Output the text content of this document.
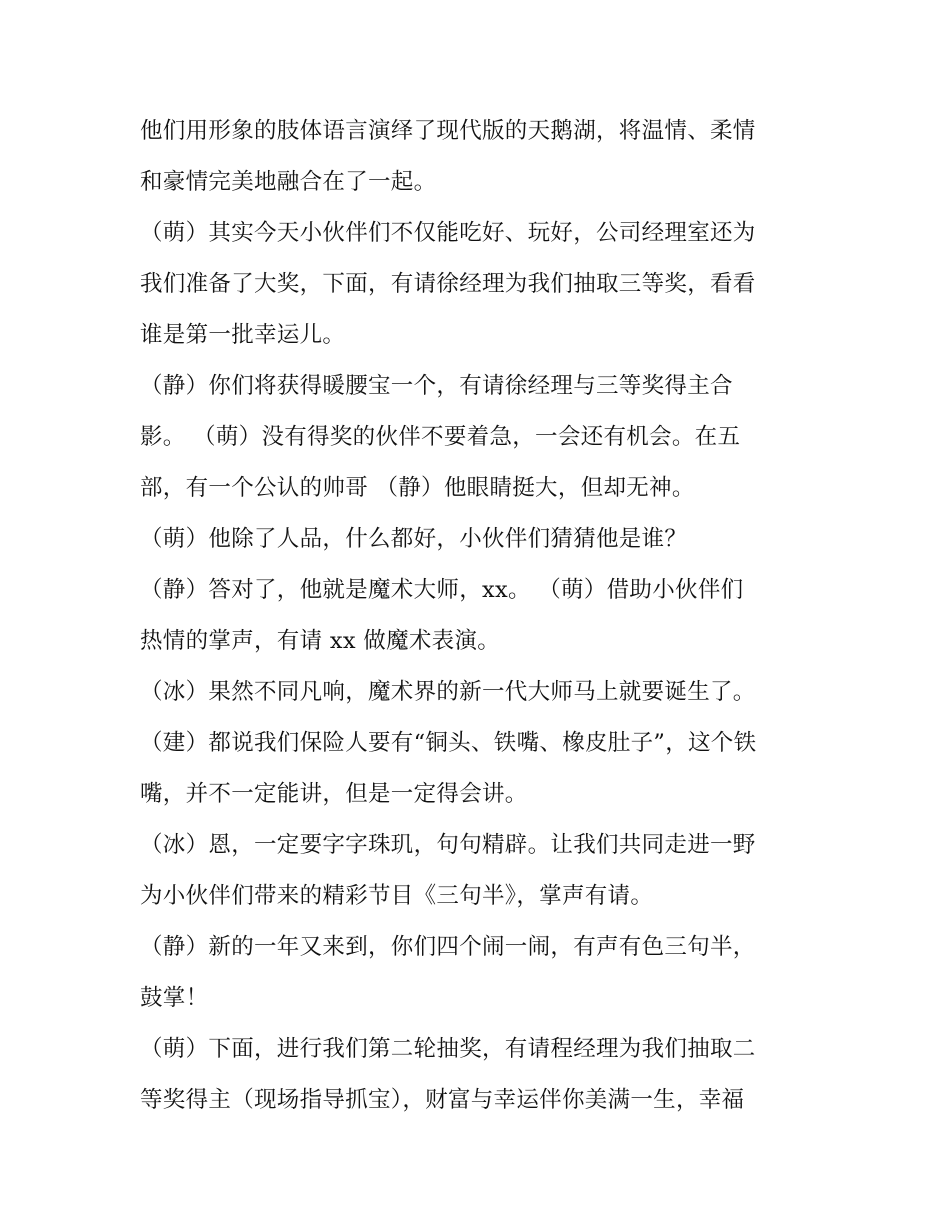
他们用形象的肢体语言演绎了现代版的天鹅湖，将温情、柔情
和豪情完美地融合在了一起。
（萌）其实今天小伙伴们不仅能吃好、玩好，公司经理室还为
我们准备了大奖，下面，有请徐经理为我们抽取三等奖，看看
谁是第一批幸运儿。
（静）你们将获得暖腰宝一个，有请徐经理与三等奖得主合
影。 （萌）没有得奖的伙伴不要着急，一会还有机会。在五
部，有一个公认的帅哥 （静）他眼睛挺大，但却无神。
（萌）他除了人品，什么都好，小伙伴们猜猜他是谁？
（静）答对了，他就是魔术大师，xx。 （萌）借助小伙伴们
热情的掌声，有请 xx 做魔术表演。
（冰）果然不同凡响，魔术界的新一代大师马上就要诞生了。
（建）都说我们保险人要有“铜头、铁嘴、橡皮肚子”，这个铁
嘴，并不一定能讲，但是一定得会讲。
（冰）恩，一定要字字珠玑，句句精辟。让我们共同走进一野
为小伙伴们带来的精彩节目《三句半》，掌声有请。
（静）新的一年又来到，你们四个闹一闹，有声有色三句半，
鼓掌！
（萌）下面，进行我们第二轮抽奖，有请程经理为我们抽取二
等奖得主（现场指导抓宝），财富与幸运伴你美满一生，幸福
